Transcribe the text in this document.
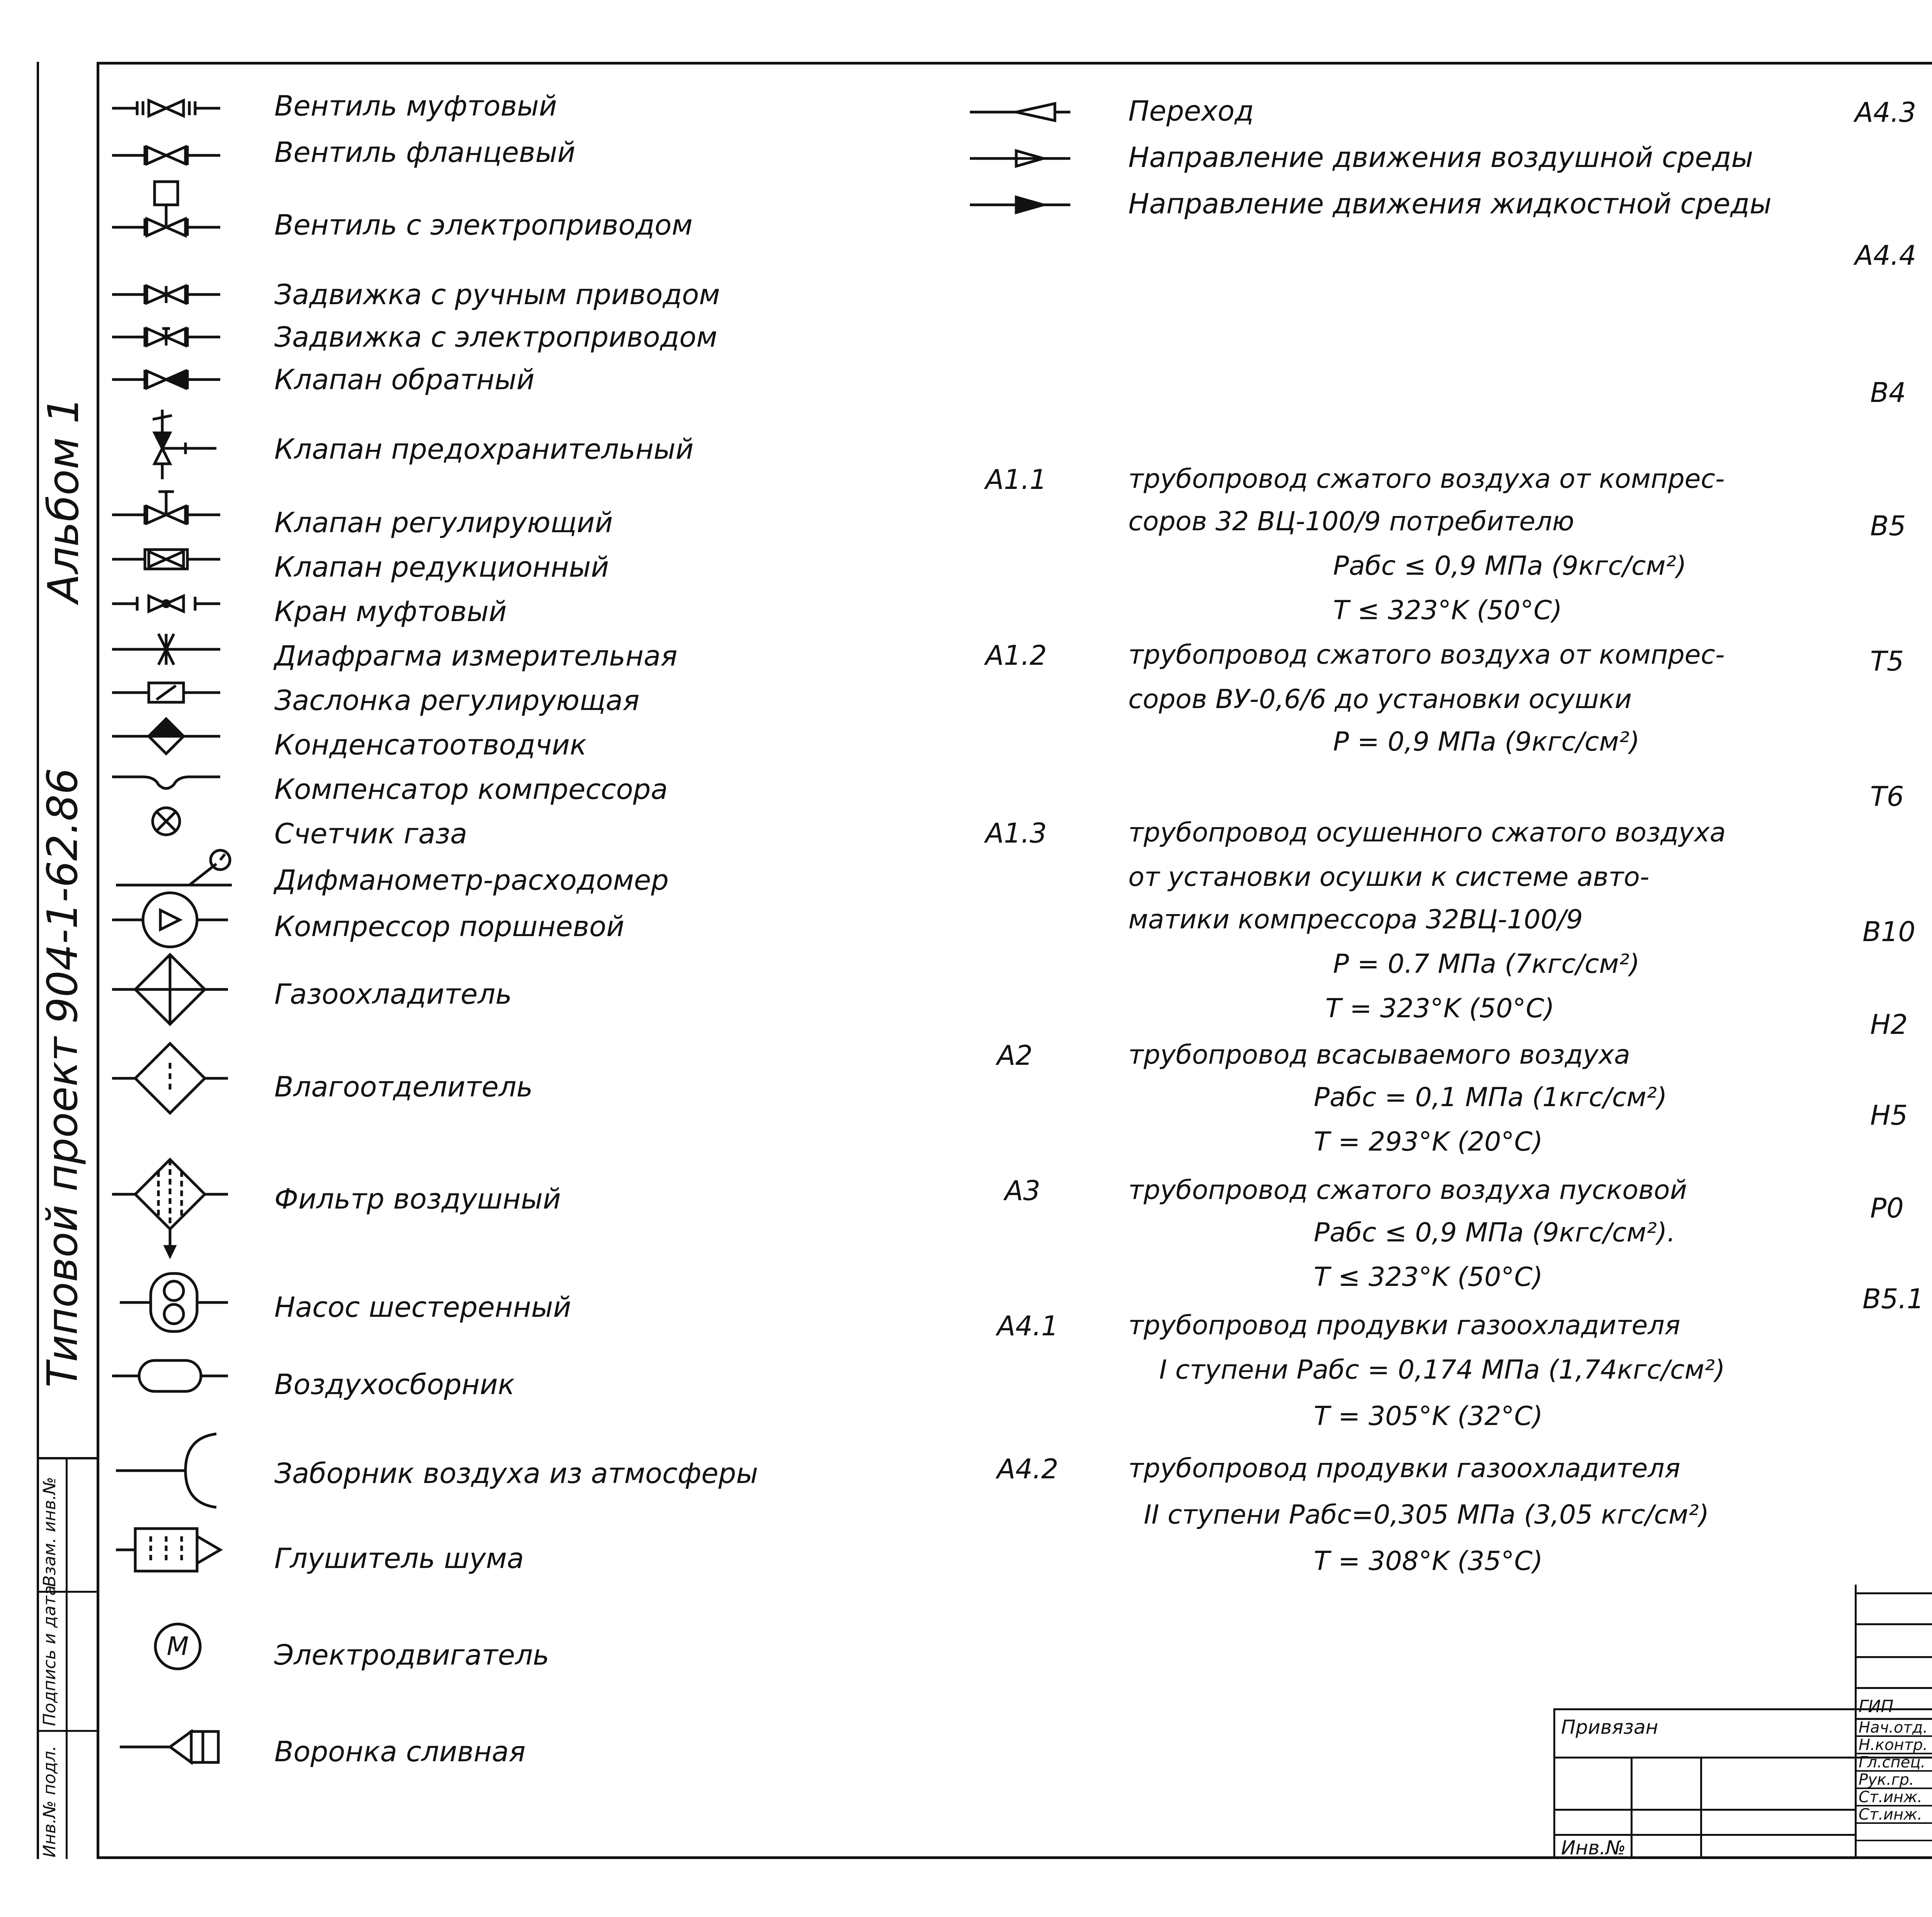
Альбом 1
Типовой проект 904-1-62.86
Инв.№ подл.
Подпись и дата
Взам. инв.№
M
Вентиль муфтовый
Вентиль фланцевый
Вентиль с электроприводом
Задвижка с ручным приводом
Задвижка с электроприводом
Клапан обратный
Клапан предохранительный
Клапан регулирующий
Клапан редукционный
Кран муфтовый
Диафрагма измерительная
Заслонка регулирующая
Конденсатоотводчик
Компенсатор компрессора
Счетчик газа
Дифманометр-расходомер
Компрессор поршневой
Газоохладитель
Влагоотделитель
Фильтр воздушный
Насос шестеренный
Воздухосборник
Заборник воздуха из атмосферы
Глушитель шума
Электродвигатель
Воронка сливная
Переход
Направление движения воздушной среды
Направление движения жидкостной среды
A1.1	трубопровод сжатого воздуха от компрес-
соров 32 ВЦ-100/9 потребителю
Pабс ≤ 0,9 МПа (9кгс/см²)
T ≤ 323°K (50°C)
A1.2	трубопровод сжатого воздуха от компрес-
соров ВУ-0,6/6 до установки осушки
P = 0,9 МПа (9кгс/см²)
A1.3	трубопровод осушенного сжатого воздуха
от установки осушки к системе авто-
матики компрессора 32ВЦ-100/9
P = 0.7 МПа (7кгс/см²)
T = 323°K (50°C)
A2	трубопровод всасываемого воздуха
Pабс = 0,1 МПа (1кгс/см²)
T = 293°K (20°C)
A3	трубопровод сжатого воздуха пусковой
Pабс ≤ 0,9 МПа (9кгс/см²).
T ≤ 323°K (50°C)
A4.1	трубопровод продувки газоохладителя
I ступени Pабс = 0,174 МПа (1,74кгс/см²)
T = 305°K (32°C)
A4.2	трубопровод продувки газоохладителя
II ступени Pабс=0,305 МПа (3,05 кгс/см²)
T = 308°K (35°C)
A4.3
A4.4
B4
B5
T5
T6
B10
H2
H5
P0
B5.1
Привязан
Инв.№
ГИП
Нач.отд.
Н.контр.
Гл.спец.
Рук.гр.
Ст.инж.
Ст.инж.
